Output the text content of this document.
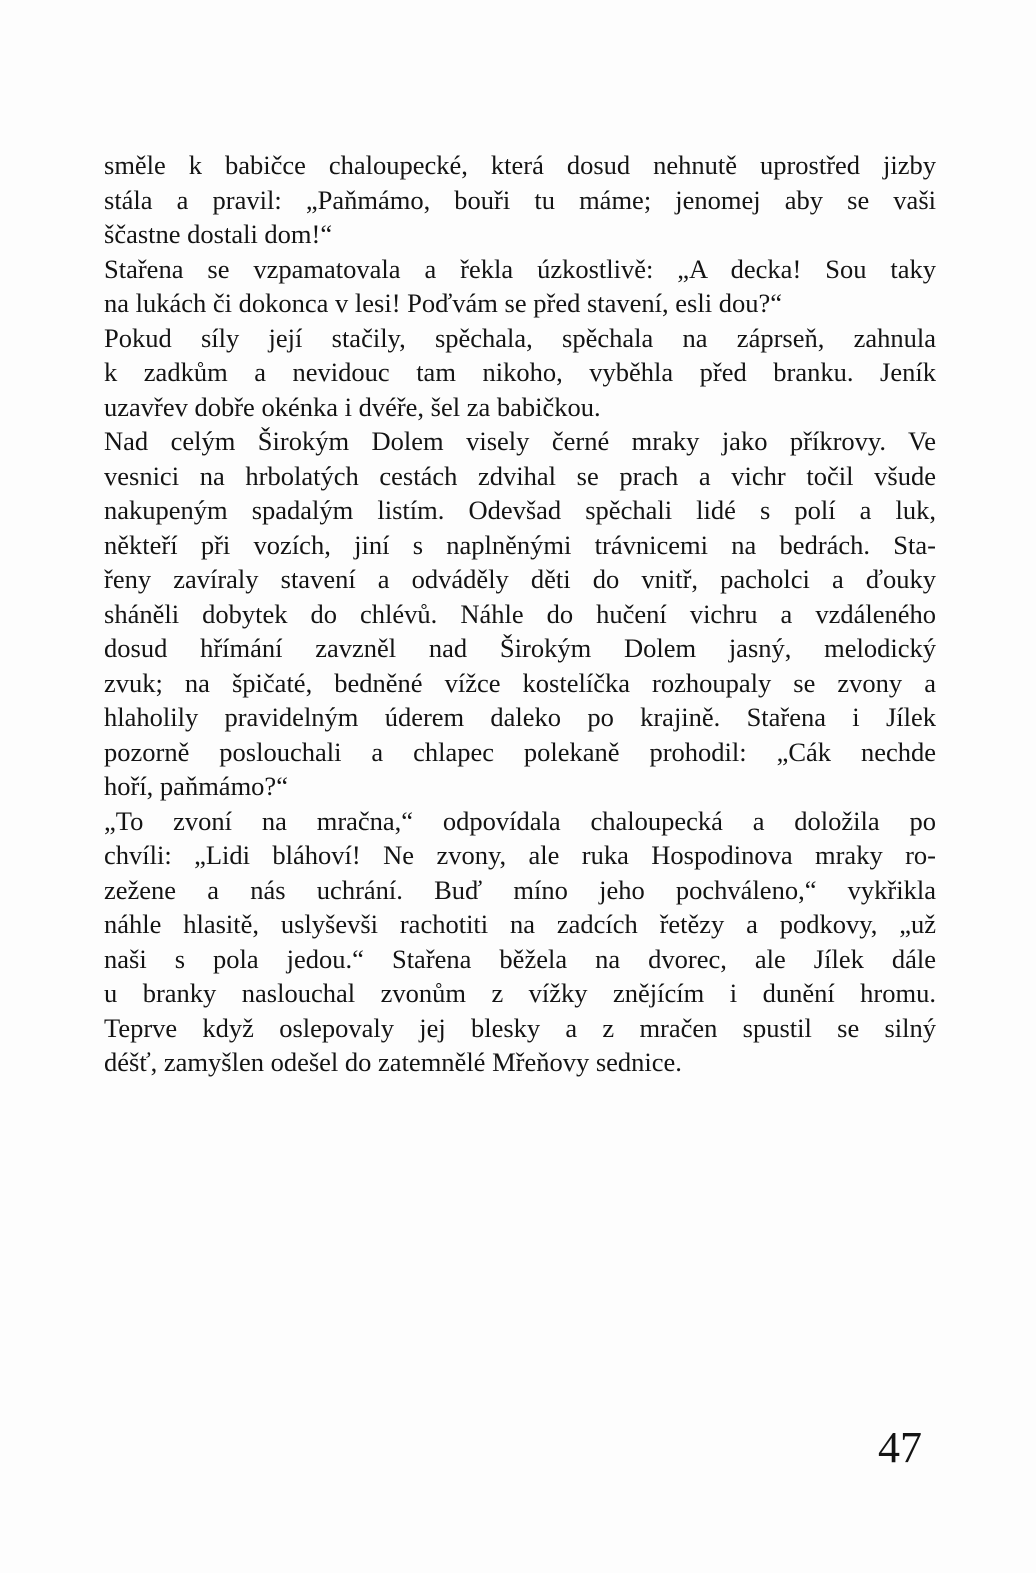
směle k babičce chaloupecké, která dosud nehnutě uprostřed jizby
stála a pravil: „Paňmámo, bouři tu máme; jenomej aby se vaši
ščastne dostali dom!“
Stařena se vzpamatovala a řekla úzkostlivě: „A decka! Sou taky
na lukách či dokonca v lesi! Poďvám se před stavení, esli dou?“
Pokud síly její stačily, spěchala, spěchala na záprseň, zahnula
k zadkům a nevidouc tam nikoho, vyběhla před branku. Jeník
uzavřev dobře okénka i dvéře, šel za babičkou.
Nad celým Širokým Dolem visely černé mraky jako příkrovy. Ve
vesnici na hrbolatých cestách zdvihal se prach a vichr točil všude
nakupeným spadalým listím. Odevšad spěchali lidé s polí a luk,
někteří při vozích, jiní s naplněnými trávnicemi na bedrách. Sta-
řeny zavíraly stavení a odváděly děti do vnitř, pacholci a ďouky
sháněli dobytek do chlévů. Náhle do hučení vichru a vzdáleného
dosud hřímání zavzněl nad Širokým Dolem jasný, melodický
zvuk; na špičaté, bedněné vížce kostelíčka rozhoupaly se zvony a
hlaholily pravidelným úderem daleko po krajině. Stařena i Jílek
pozorně poslouchali a chlapec polekaně prohodil: „Cák nechde
hoří, paňmámo?“
„To zvoní na mračna,“ odpovídala chaloupecká a doložila po
chvíli: „Lidi bláhoví! Ne zvony, ale ruka Hospodinova mraky ro-
zežene a nás uchrání. Buď míno jeho pochváleno,“ vykřikla
náhle hlasitě, uslyševši rachotiti na zadcích řetězy a podkovy, „už
naši s pola jedou.“ Stařena běžela na dvorec, ale Jílek dále
u branky naslouchal zvonům z vížky znějícím i dunění hromu.
Teprve když oslepovaly jej blesky a z mračen spustil se silný
déšť, zamyšlen odešel do zatemnělé Mřeňovy sednice.
47
